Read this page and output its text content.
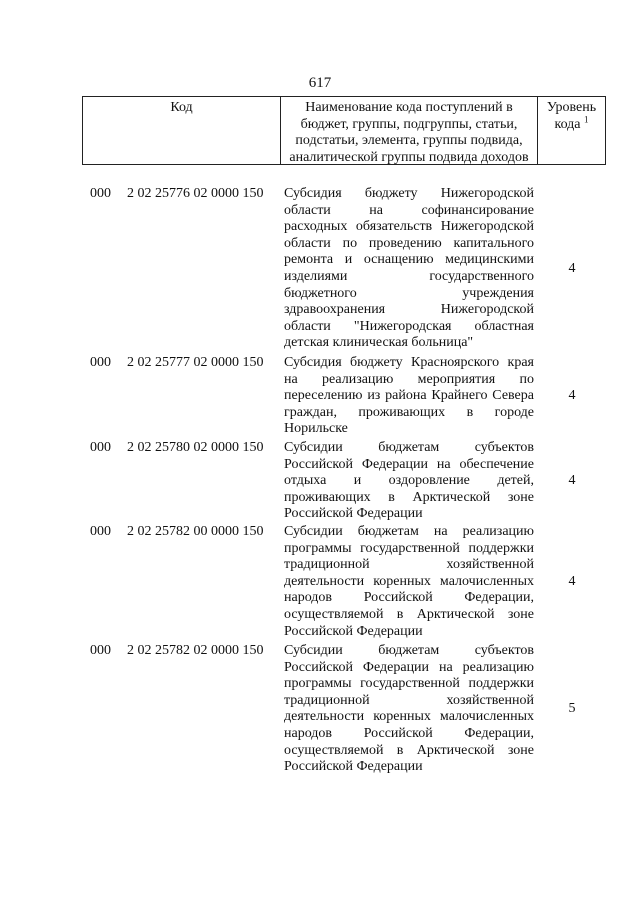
617
Код	Наименование кода поступлений в
бюджет, группы, подгруппы, статьи,
подстатьи, элемента, группы подвида,
аналитической группы подвида доходов
Уровень
кода $^1$
000 2 02 25776 02 0000 150 Субсидия бюджету Нижегородской
области на софинансирование
расходных обязательств Нижегородской
области по проведению капитального
ремонта и оснащению медицинскими
изделиями государственного
бюджетного учреждения
здравоохранения Нижегородской
области "Нижегородская областная
детская клиническая больница"
4
000 2 02 25777 02 0000 150 Субсидия бюджету Красноярского края
на реализацию мероприятия по
переселению из района Крайнего Севера
граждан, проживающих в городе
Норильске
4
000 2 02 25780 02 0000 150 Субсидии бюджетам субъектов
Российской Федерации на обеспечение
отдыха и оздоровление детей,
проживающих в Арктической зоне
Российской Федерации
4
000 2 02 25782 00 0000 150 Субсидии бюджетам на реализацию
программы государственной поддержки
традиционной хозяйственной
деятельности коренных малочисленных
народов Российской Федерации,
осуществляемой в Арктической зоне
Российской Федерации
4
000 2 02 25782 02 0000 150 Субсидии бюджетам субъектов
Российской Федерации на реализацию
программы государственной поддержки
традиционной хозяйственной
деятельности коренных малочисленных
народов Российской Федерации,
осуществляемой в Арктической зоне
Российской Федерации
5
